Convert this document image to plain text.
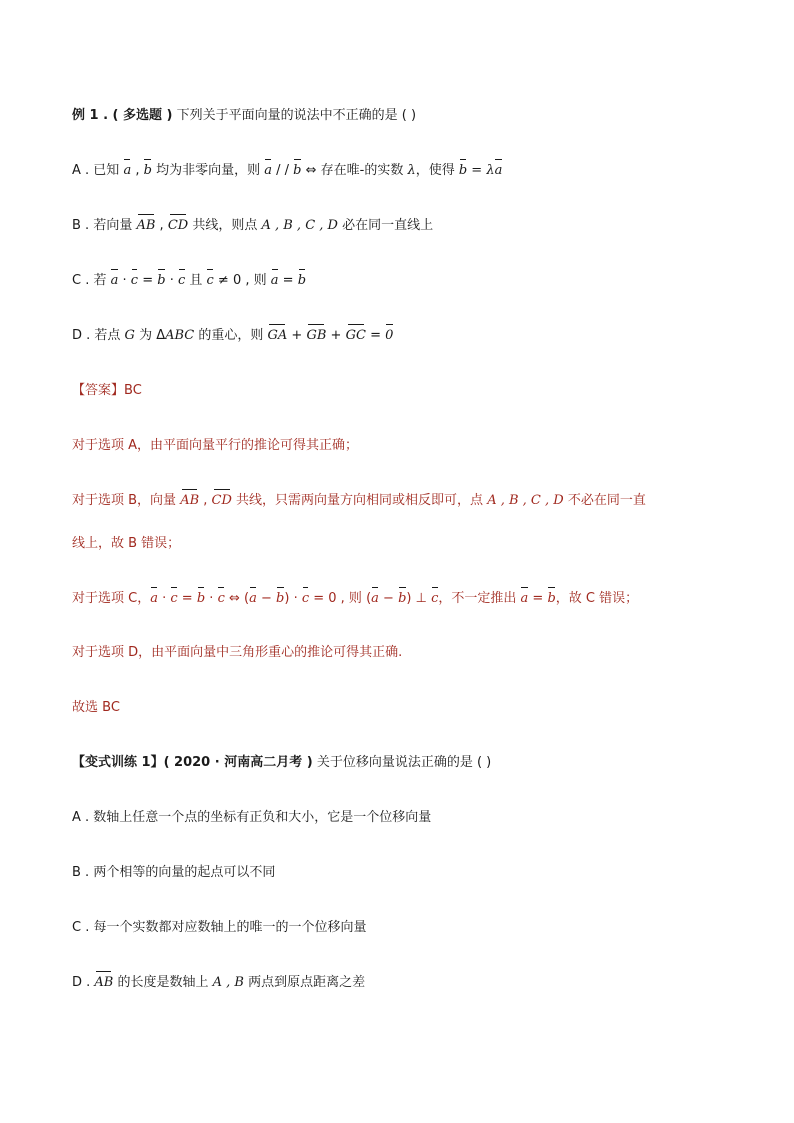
例 1 . ( 多选题 ) 下列关于平面向量的说法中不正确的是 ( )
A . 已知 a , b 均为非零向量，则 a / / b ⇔ 存在唯-的实数 λ，使得 b = λa
B . 若向量 AB , CD 共线，则点 A , B , C , D 必在同一直线上
C . 若 a · c = b · c 且 c ≠ 0 , 则 a = b
D . 若点 G 为 ΔABC 的重心，则 GA + GB + GC = 0
【答案】BC
对于选项 A，由平面向量平行的推论可得其正确；
对于选项 B，向量 AB , CD 共线，只需两向量方向相同或相反即可，点 A , B , C , D 不必在同一直
线上，故 B 错误；
对于选项 C，a · c = b · c ⇔ (a − b) · c = 0 , 则 (a − b) ⊥ c，不一定推出 a = b，故 C 错误；
对于选项 D，由平面向量中三角形重心的推论可得其正确.
故选 BC
【变式训练 1】( 2020 · 河南高二月考 ) 关于位移向量说法正确的是 ( )
A . 数轴上任意一个点的坐标有正负和大小，它是一个位移向量
B . 两个相等的向量的起点可以不同
C . 每一个实数都对应数轴上的唯一的一个位移向量
D . AB 的长度是数轴上 A , B 两点到原点距离之差
